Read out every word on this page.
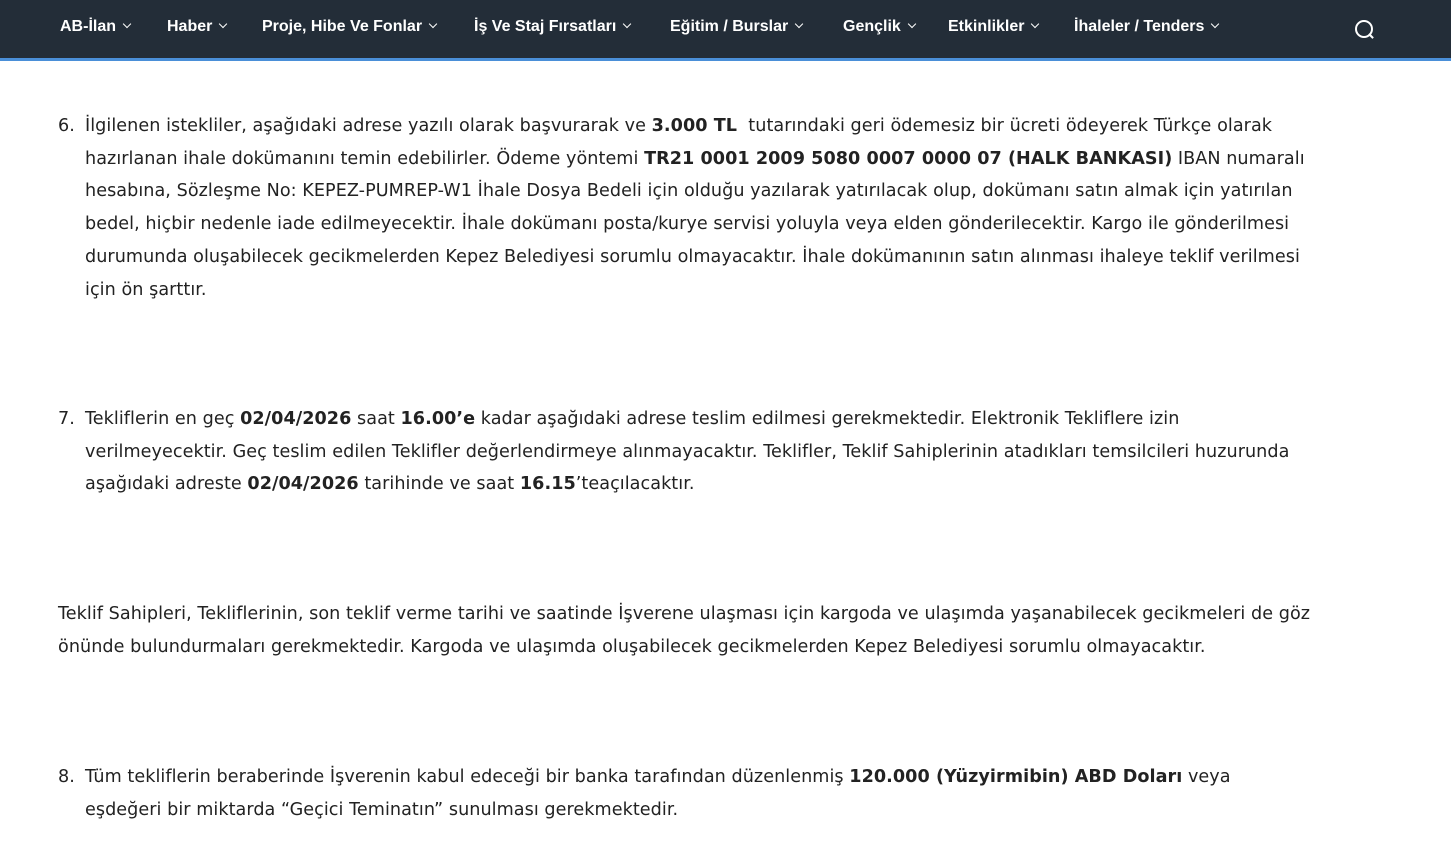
AB-İlan	Haber	Proje, Hibe Ve Fonlar	İş Ve Staj Fırsatları	Eğitim / Burslar	Gençlik	Etkinlikler	İhaleler / Tenders
6. İlgilenen istekliler, aşağıdaki adrese yazılı olarak başvurarak ve 3.000 TL  tutarındaki geri ödemesiz bir ücreti ödeyerek Türkçe olarak
hazırlanan ihale dokümanını temin edebilirler. Ödeme yöntemi TR21 0001 2009 5080 0007 0000 07 (HALK BANKASI) IBAN numaralı
hesabına, Sözleşme No: KEPEZ-PUMREP-W1 İhale Dosya Bedeli için olduğu yazılarak yatırılacak olup, dokümanı satın almak için yatırılan
bedel, hiçbir nedenle iade edilmeyecektir. İhale dokümanı posta/kurye servisi yoluyla veya elden gönderilecektir. Kargo ile gönderilmesi
durumunda oluşabilecek gecikmelerden Kepez Belediyesi sorumlu olmayacaktır. İhale dokümanının satın alınması ihaleye teklif verilmesi
için ön şarttır.
7. Tekliflerin en geç 02/04/2026 saat 16.00’e kadar aşağıdaki adrese teslim edilmesi gerekmektedir. Elektronik Tekliflere izin
verilmeyecektir. Geç teslim edilen Teklifler değerlendirmeye alınmayacaktır. Teklifler, Teklif Sahiplerinin atadıkları temsilcileri huzurunda
aşağıdaki adreste 02/04/2026 tarihinde ve saat 16.15’teaçılacaktır.
Teklif Sahipleri, Tekliflerinin, son teklif verme tarihi ve saatinde İşverene ulaşması için kargoda ve ulaşımda yaşanabilecek gecikmeleri de göz
önünde bulundurmaları gerekmektedir. Kargoda ve ulaşımda oluşabilecek gecikmelerden Kepez Belediyesi sorumlu olmayacaktır.
8. Tüm tekliflerin beraberinde İşverenin kabul edeceği bir banka tarafından düzenlenmiş 120.000 (Yüzyirmibin) ABD Doları veya
eşdeğeri bir miktarda “Geçici Teminatın” sunulması gerekmektedir.
